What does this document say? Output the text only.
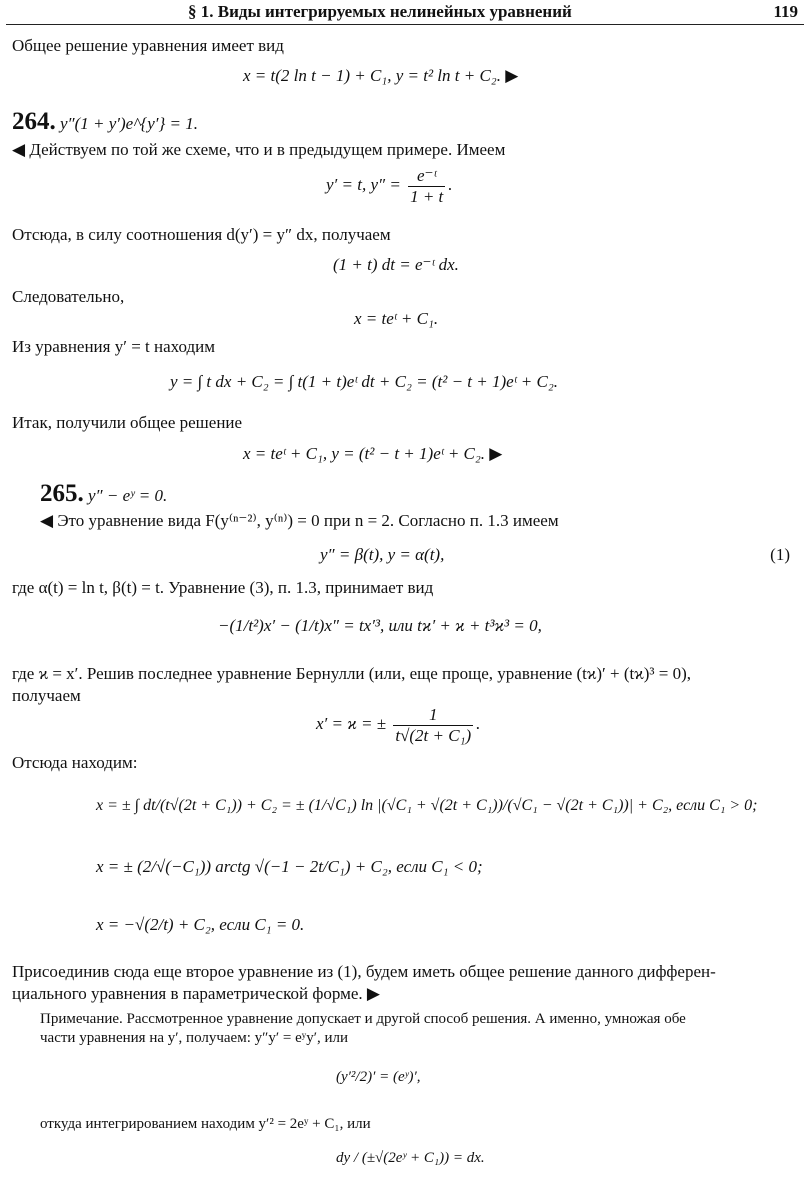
§ 1. Виды интегрируемых нелинейных уравнений	119
Общее решение уравнения имеет вид
x = t(2 ln t − 1) + C₁, y = t² ln t + C₂. ▶
264. y″(1 + y′)e^{y′} = 1.
◀ Действуем по той же схеме, что и в предыдущем примере. Имеем
y′ = t, $y'' = \frac{\text{e⁻ᵗ}}{1 + t}$ .
Отсюда, в силу соотношения d(y′) = y″ dx, получаем
(1 + t) dt = e⁻ᵗ dx.
Следовательно,
x = teᵗ + C₁.
Из уравнения y′ = t находим
y = ∫ t dx + C₂ = ∫ t(1 + t)eᵗ dt + C₂ = (t² − t + 1)eᵗ + C₂.
Итак, получили общее решение
x = teᵗ + C₁, y = (t² − t + 1)eᵗ + C₂. ▶
265. y″ − eʸ = 0.
◀ Это уравнение вида F(y⁽ⁿ⁻²⁾, y⁽ⁿ⁾) = 0 при n = 2. Согласно п. 1.3 имеем
y″ = β(t), y = α(t),	(1)
где α(t) = ln t, β(t) = t. Уравнение (3), п. 1.3, принимает вид
−(1/t²)x′ − (1/t)x″ = tx′³, или tϰ′ + ϰ + t³ϰ³ = 0,
где ϰ = x′. Решив последнее уравнение Бернулли (или, еще проще, уравнение (tϰ)′ + (tϰ)³ = 0),
получаем
x′ = ϰ = ± $\frac{1}{\text{t√(2t + C₁)}}$ .
Отсюда находим:
x = ± ∫ dt/(t√(2t + C₁)) + C₂ = ± (1/√C₁) ln |(√C₁ + √(2t + C₁))/(√C₁ − √(2t + C₁))| + C₂, если C₁ > 0;
x = ± (2/√(−C₁)) arctg √(−1 − 2t/C₁) + C₂, если C₁ < 0;
x = −√(2/t) + C₂, если C₁ = 0.
Присоединив сюда еще второе уравнение из (1), будем иметь общее решение данного дифферен-
циального уравнения в параметрической форме. ▶
Примечание. Рассмотренное уравнение допускает и другой способ решения. А именно, умножая обе
части уравнения на y′, получаем: y″y′ = eʸy′, или
(y′²/2)′ = (eʸ)′,
откуда интегрированием находим y′² = 2eʸ + C₁, или
dy / (±√(2eʸ + C₁)) = dx.
